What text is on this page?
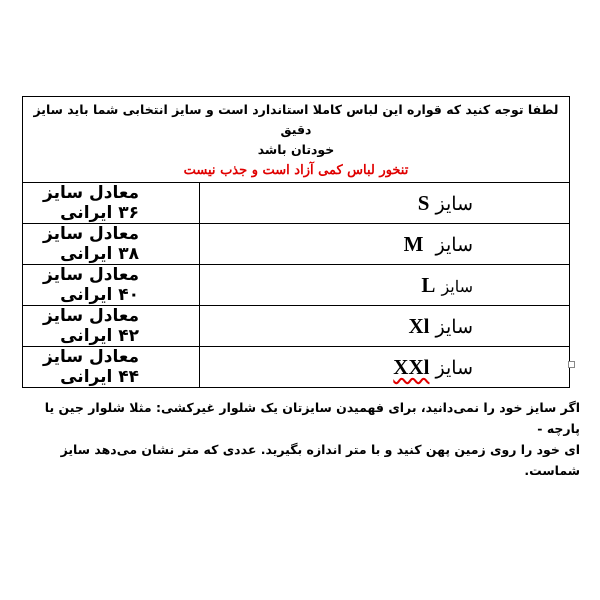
لطفا توجه کنید که قواره این لباس کاملا استاندارد است و سایز انتخابی شما باید سایز دقیق
خودتان باشد
تنخور لباس کمی آزاد است و جذب نیست	

سایز S	معادل سایز ۳۶ ایرانی
سایز  M	معادل سایز ۳۸ ایرانی
سایز L	معادل سایز ۴۰ ایرانی
سایز Xl	معادل سایز ۴۲ ایرانی
سایز XXl	معادل سایز ۴۴ ایرانی

اگر سایز خود را نمی‌دانید، برای فهمیدن سایزتان یک شلوار غیرکشی: مثلا شلوار جین یا پارچه -

ای خود را روی زمین پهن کنید و با متر اندازه بگیرید. عددی که متر نشان می‌دهد سایز شماست.
